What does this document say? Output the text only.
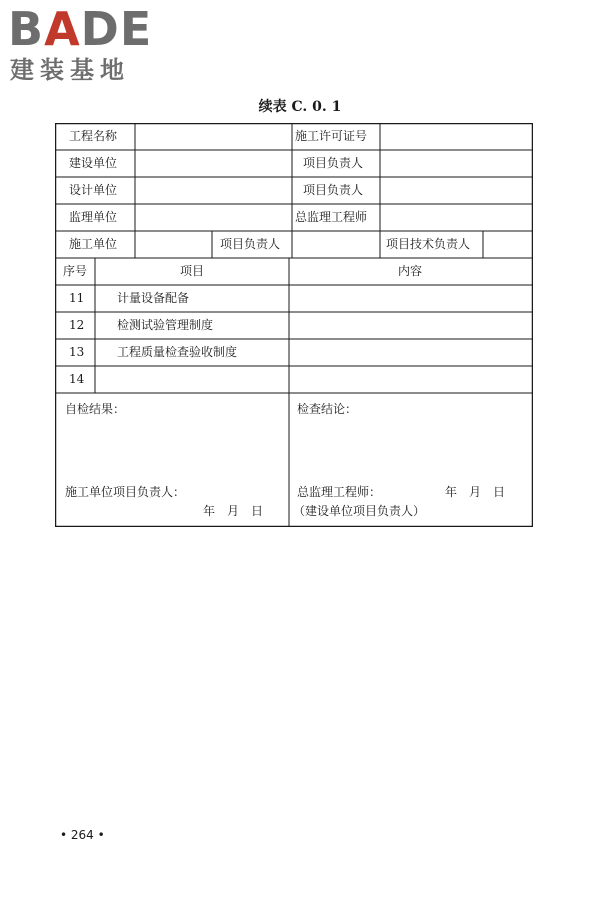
BADE
建装基地
续表 C. 0. 1
工程名称	施工许可证号
建设单位	项目负责人
设计单位	项目负责人
监理单位	总监理工程师
施工单位	项目负责人	项目技术负责人
序号	项目	内容
11	计量设备配备
12	检测试验管理制度
13	工程质量检查验收制度
14
自检结果：
施工单位项目负责人：
年　月　日
检查结论：
总监理工程师：	年　月　日
（建设单位项目负责人）
• 264 •
